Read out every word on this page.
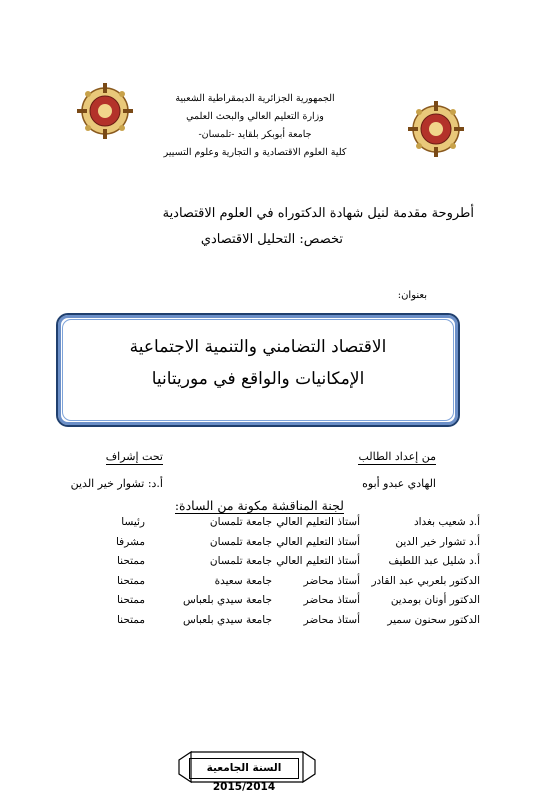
الجمهورية الجزائرية الديمقراطية الشعبية
وزارة التعليم العالي والبحث العلمي
جامعة أبوبكر بلقايد -تلمسان-
كلية العلوم الاقتصادية و التجارية وعلوم التسيير
أطروحة مقدمة لنيل شهادة الدكتوراه في العلوم الاقتصادية
تخصص: التحليل الاقتصادي
بعنوان:
الاقتصاد التضامني والتنمية الاجتماعية
الإمكانيات والواقع في موريتانيا
من إعداد الطالب
تحت إشراف
الهادي عبدو أبوه
أ.د: تشوار خير الدين
لجنة المناقشة مكونة من السادة:
أ.د شعيب بغداد
أستاذ التعليم العالي
جامعة تلمسان
رئيسا
أ.د تشوار خير الدين
أستاذ التعليم العالي
جامعة تلمسان
مشرفا
أ.د شليل عبد اللطيف
أستاذ التعليم العالي
جامعة تلمسان
ممتحنا
الدكتور بلعربي عبد القادر
أستاذ محاضر
جامعة سعيدة
ممتحنا
الدكتور أونان بومدين
أستاذ محاضر
جامعة سيدي بلعباس
ممتحنا
الدكتور سحنون سمير
أستاذ محاضر
جامعة سيدي بلعباس
ممتحنا
السنة الجامعية 2015/2014
